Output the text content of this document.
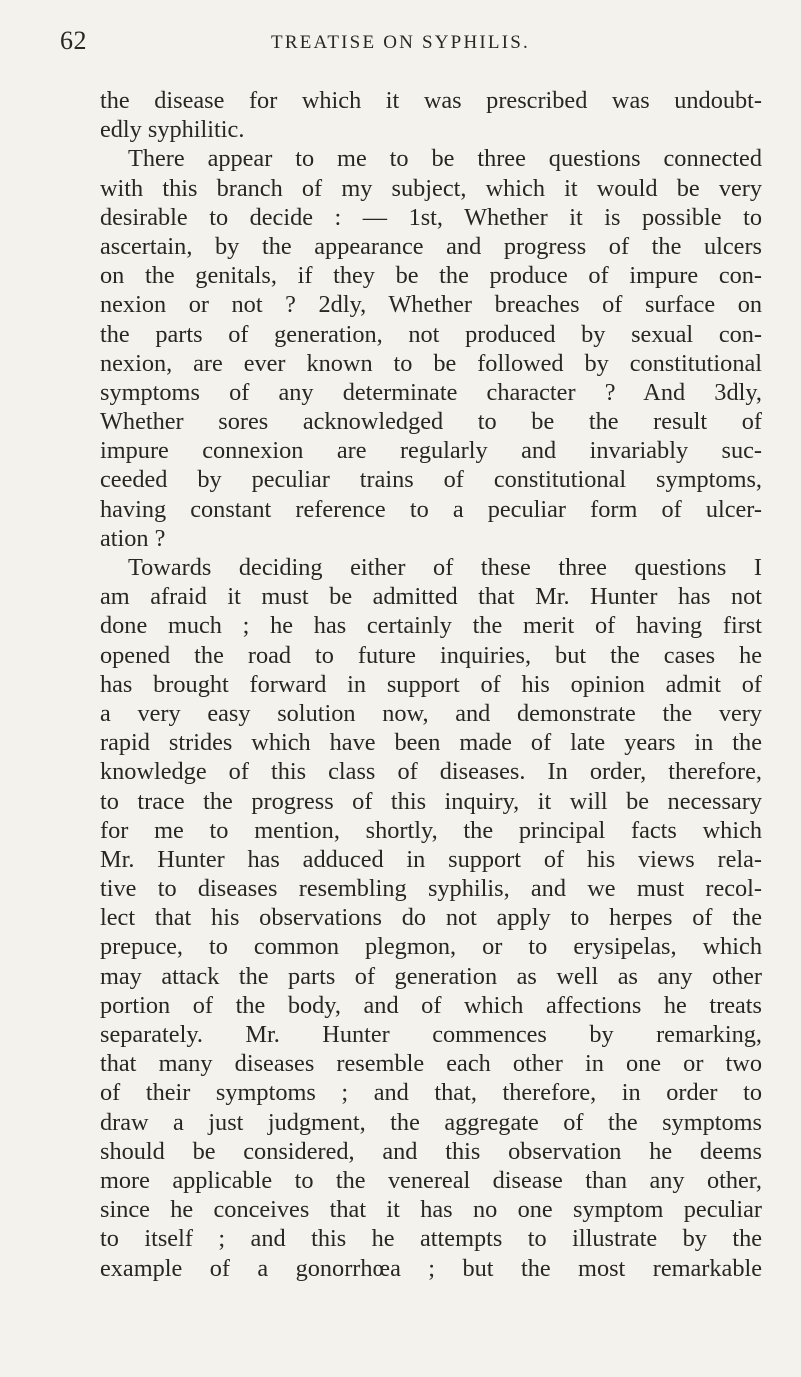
62	TREATISE ON SYPHILIS.
the disease for which it was prescribed was undoubt-
edly syphilitic.
There appear to me to be three questions connected
with this branch of my subject, which it would be very
desirable to decide : — 1st, Whether it is possible to
ascertain, by the appearance and progress of the ulcers
on the genitals, if they be the produce of impure con-
nexion or not ? 2dly, Whether breaches of surface on
the parts of generation, not produced by sexual con-
nexion, are ever known to be followed by constitutional
symptoms of any determinate character ? And 3dly,
Whether sores acknowledged to be the result of
impure connexion are regularly and invariably suc-
ceeded by peculiar trains of constitutional symptoms,
having constant reference to a peculiar form of ulcer-
ation ?
Towards deciding either of these three questions I
am afraid it must be admitted that Mr. Hunter has not
done much ; he has certainly the merit of having first
opened the road to future inquiries, but the cases he
has brought forward in support of his opinion admit of
a very easy solution now, and demonstrate the very
rapid strides which have been made of late years in the
knowledge of this class of diseases. In order, therefore,
to trace the progress of this inquiry, it will be necessary
for me to mention, shortly, the principal facts which
Mr. Hunter has adduced in support of his views rela-
tive to diseases resembling syphilis, and we must recol-
lect that his observations do not apply to herpes of the
prepuce, to common plegmon, or to erysipelas, which
may attack the parts of generation as well as any other
portion of the body, and of which affections he treats
separately. Mr. Hunter commences by remarking,
that many diseases resemble each other in one or two
of their symptoms ; and that, therefore, in order to
draw a just judgment, the aggregate of the symptoms
should be considered, and this observation he deems
more applicable to the venereal disease than any other,
since he conceives that it has no one symptom peculiar
to itself ; and this he attempts to illustrate by the
example of a gonorrhœa ; but the most remarkable
